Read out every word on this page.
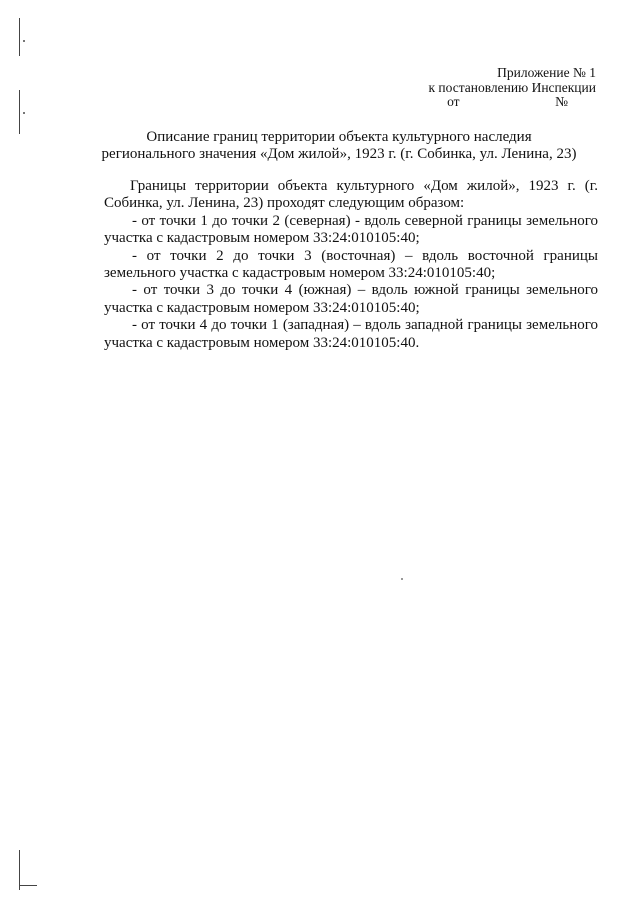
Приложение № 1
к постановлению Инспекции
от	№
Описание границ территории объекта культурного наследия
регионального значения «Дом жилой», 1923 г. (г. Собинка, ул. Ленина, 23)

Границы территории объекта культурного «Дом жилой», 1923 г. (г. Собинка, ул. Ленина, 23) проходят следующим образом:

- от точки 1 до точки 2 (северная) - вдоль северной границы земельного участка с кадастровым номером 33:24:010105:40;

- от точки 2 до точки 3 (восточная) – вдоль восточной границы земельного участка с кадастровым номером 33:24:010105:40;

- от точки 3 до точки 4 (южная) – вдоль южной границы земельного участка с кадастровым номером 33:24:010105:40;

- от точки 4 до точки 1 (западная) – вдоль западной границы земельного участка с кадастровым номером 33:24:010105:40.
